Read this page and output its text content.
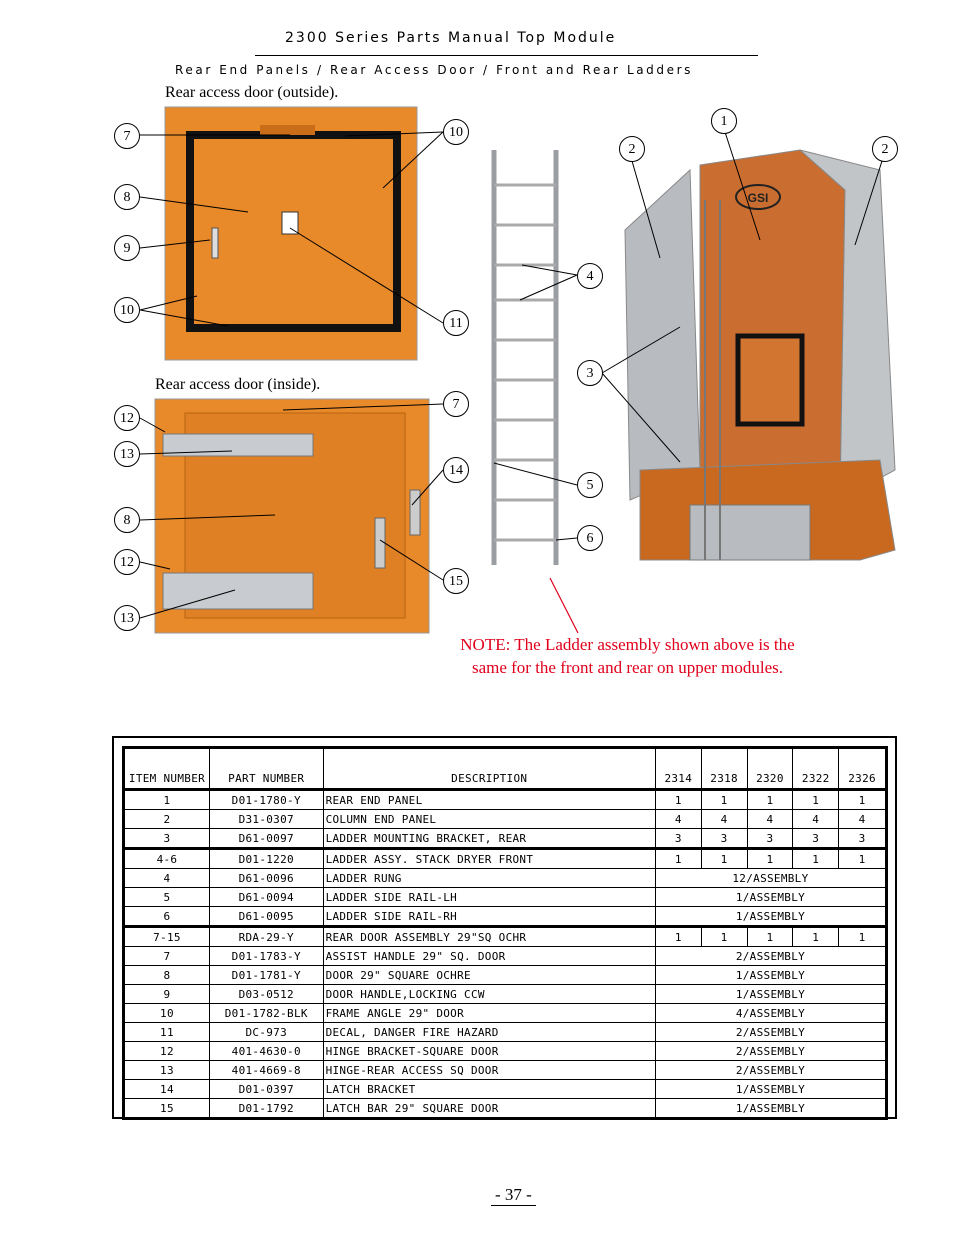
2300 Series Parts Manual Top Module
Rear End Panels / Rear Access Door / Front and Rear Ladders
GSI
Rear access door (outside).
Rear access door (inside).
7	10
8
9
10
11
12
13
7
14
8
12
15
13
4
5
6
1
2	2
3
NOTE: The Ladder assembly shown above is the same for the front and rear on upper modules.
ITEM NUMBER	PART NUMBER	DESCRIPTION	2314	2318	2320	2322	2326
1	D01-1780-Y	REAR END PANEL	1	1	1	1	1
2	D31-0307	COLUMN END PANEL	4	4	4	4	4
3	D61-0097	LADDER MOUNTING BRACKET, REAR	3	3	3	3	3
4-6	D01-1220	LADDER ASSY. STACK DRYER FRONT	1	1	1	1	1
4	D61-0096	LADDER RUNG	12/ASSEMBLY				
5	D61-0094	LADDER SIDE RAIL-LH	1/ASSEMBLY				
6	D61-0095	LADDER SIDE RAIL-RH	1/ASSEMBLY				
7-15	RDA-29-Y	REAR DOOR ASSEMBLY 29"SQ OCHR	1	1	1	1	1
7	D01-1783-Y	ASSIST HANDLE 29" SQ. DOOR	2/ASSEMBLY				
8	D01-1781-Y	DOOR 29" SQUARE OCHRE	1/ASSEMBLY				
9	D03-0512	DOOR HANDLE,LOCKING CCW	1/ASSEMBLY				
10	D01-1782-BLK	FRAME ANGLE 29" DOOR	4/ASSEMBLY				
11	DC-973	DECAL, DANGER FIRE HAZARD	2/ASSEMBLY				
12	401-4630-0	HINGE BRACKET-SQUARE DOOR	2/ASSEMBLY				
13	401-4669-8	HINGE-REAR ACCESS SQ DOOR	2/ASSEMBLY				
14	D01-0397	LATCH BRACKET	1/ASSEMBLY				
15	D01-1792	LATCH BAR 29" SQUARE DOOR	1/ASSEMBLY				
- 37 -
